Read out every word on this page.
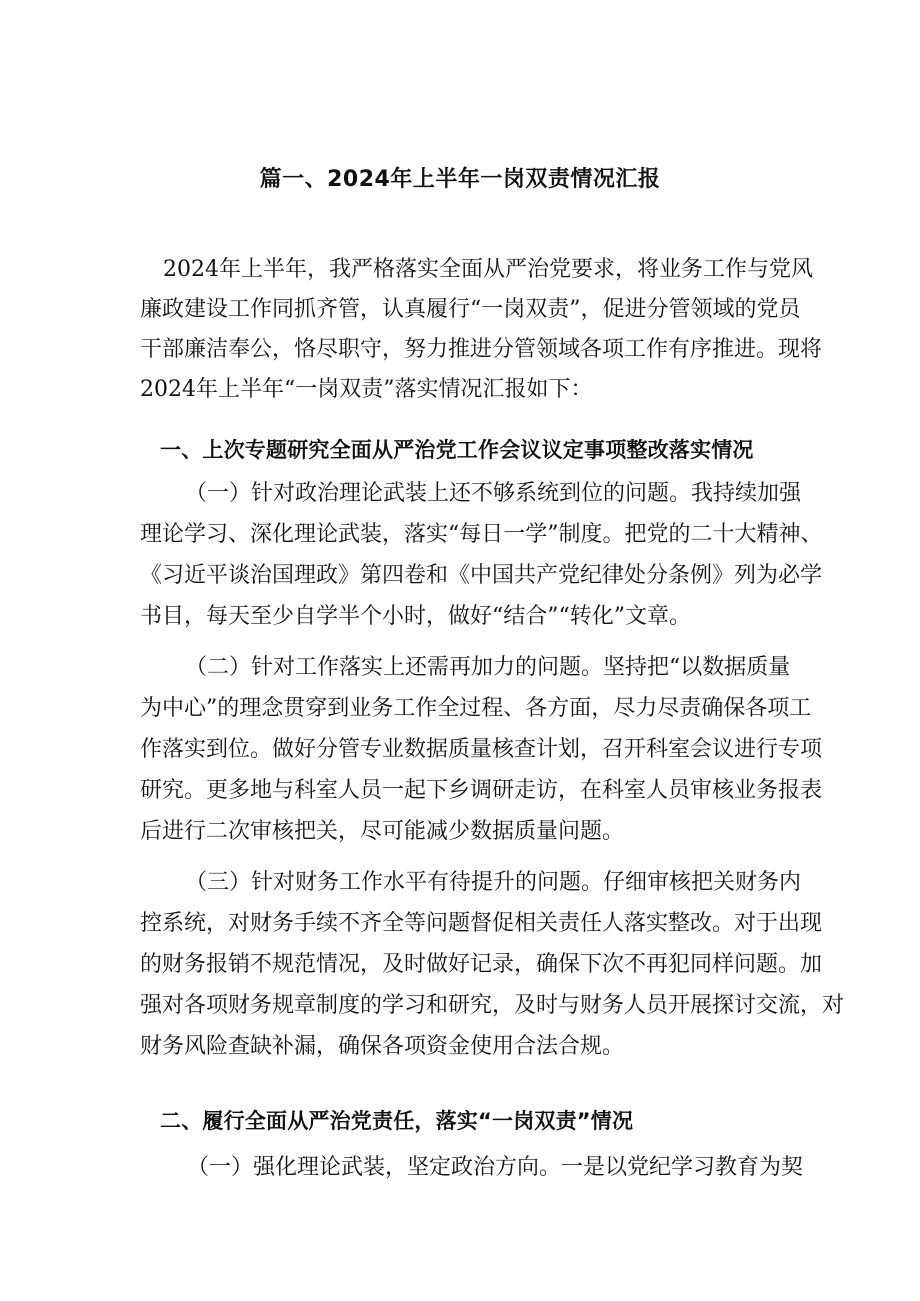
篇一、2024年上半年一岗双责情况汇报
2024年上半年，我严格落实全面从严治党要求，将业务工作与党风
廉政建设工作同抓齐管，认真履行“一岗双责”，促进分管领域的党员
干部廉洁奉公，恪尽职守，努力推进分管领域各项工作有序推进。现将
2024年上半年“一岗双责”落实情况汇报如下：
一、上次专题研究全面从严治党工作会议议定事项整改落实情况
（一）针对政治理论武装上还不够系统到位的问题。我持续加强
理论学习、深化理论武装，落实“每日一学”制度。把党的二十大精神、
《习近平谈治国理政》第四卷和《中国共产党纪律处分条例》列为必学
书目，每天至少自学半个小时，做好“结合”“转化”文章。
（二）针对工作落实上还需再加力的问题。坚持把“以数据质量
为中心”的理念贯穿到业务工作全过程、各方面，尽力尽责确保各项工
作落实到位。做好分管专业数据质量核查计划，召开科室会议进行专项
研究。更多地与科室人员一起下乡调研走访，在科室人员审核业务报表
后进行二次审核把关，尽可能减少数据质量问题。
（三）针对财务工作水平有待提升的问题。仔细审核把关财务内
控系统，对财务手续不齐全等问题督促相关责任人落实整改。对于出现
的财务报销不规范情况，及时做好记录，确保下次不再犯同样问题。加
强对各项财务规章制度的学习和研究，及时与财务人员开展探讨交流，对
财务风险查缺补漏，确保各项资金使用合法合规。
二、履行全面从严治党责任，落实“一岗双责”情况
（一）强化理论武装，坚定政治方向。一是以党纪学习教育为契
